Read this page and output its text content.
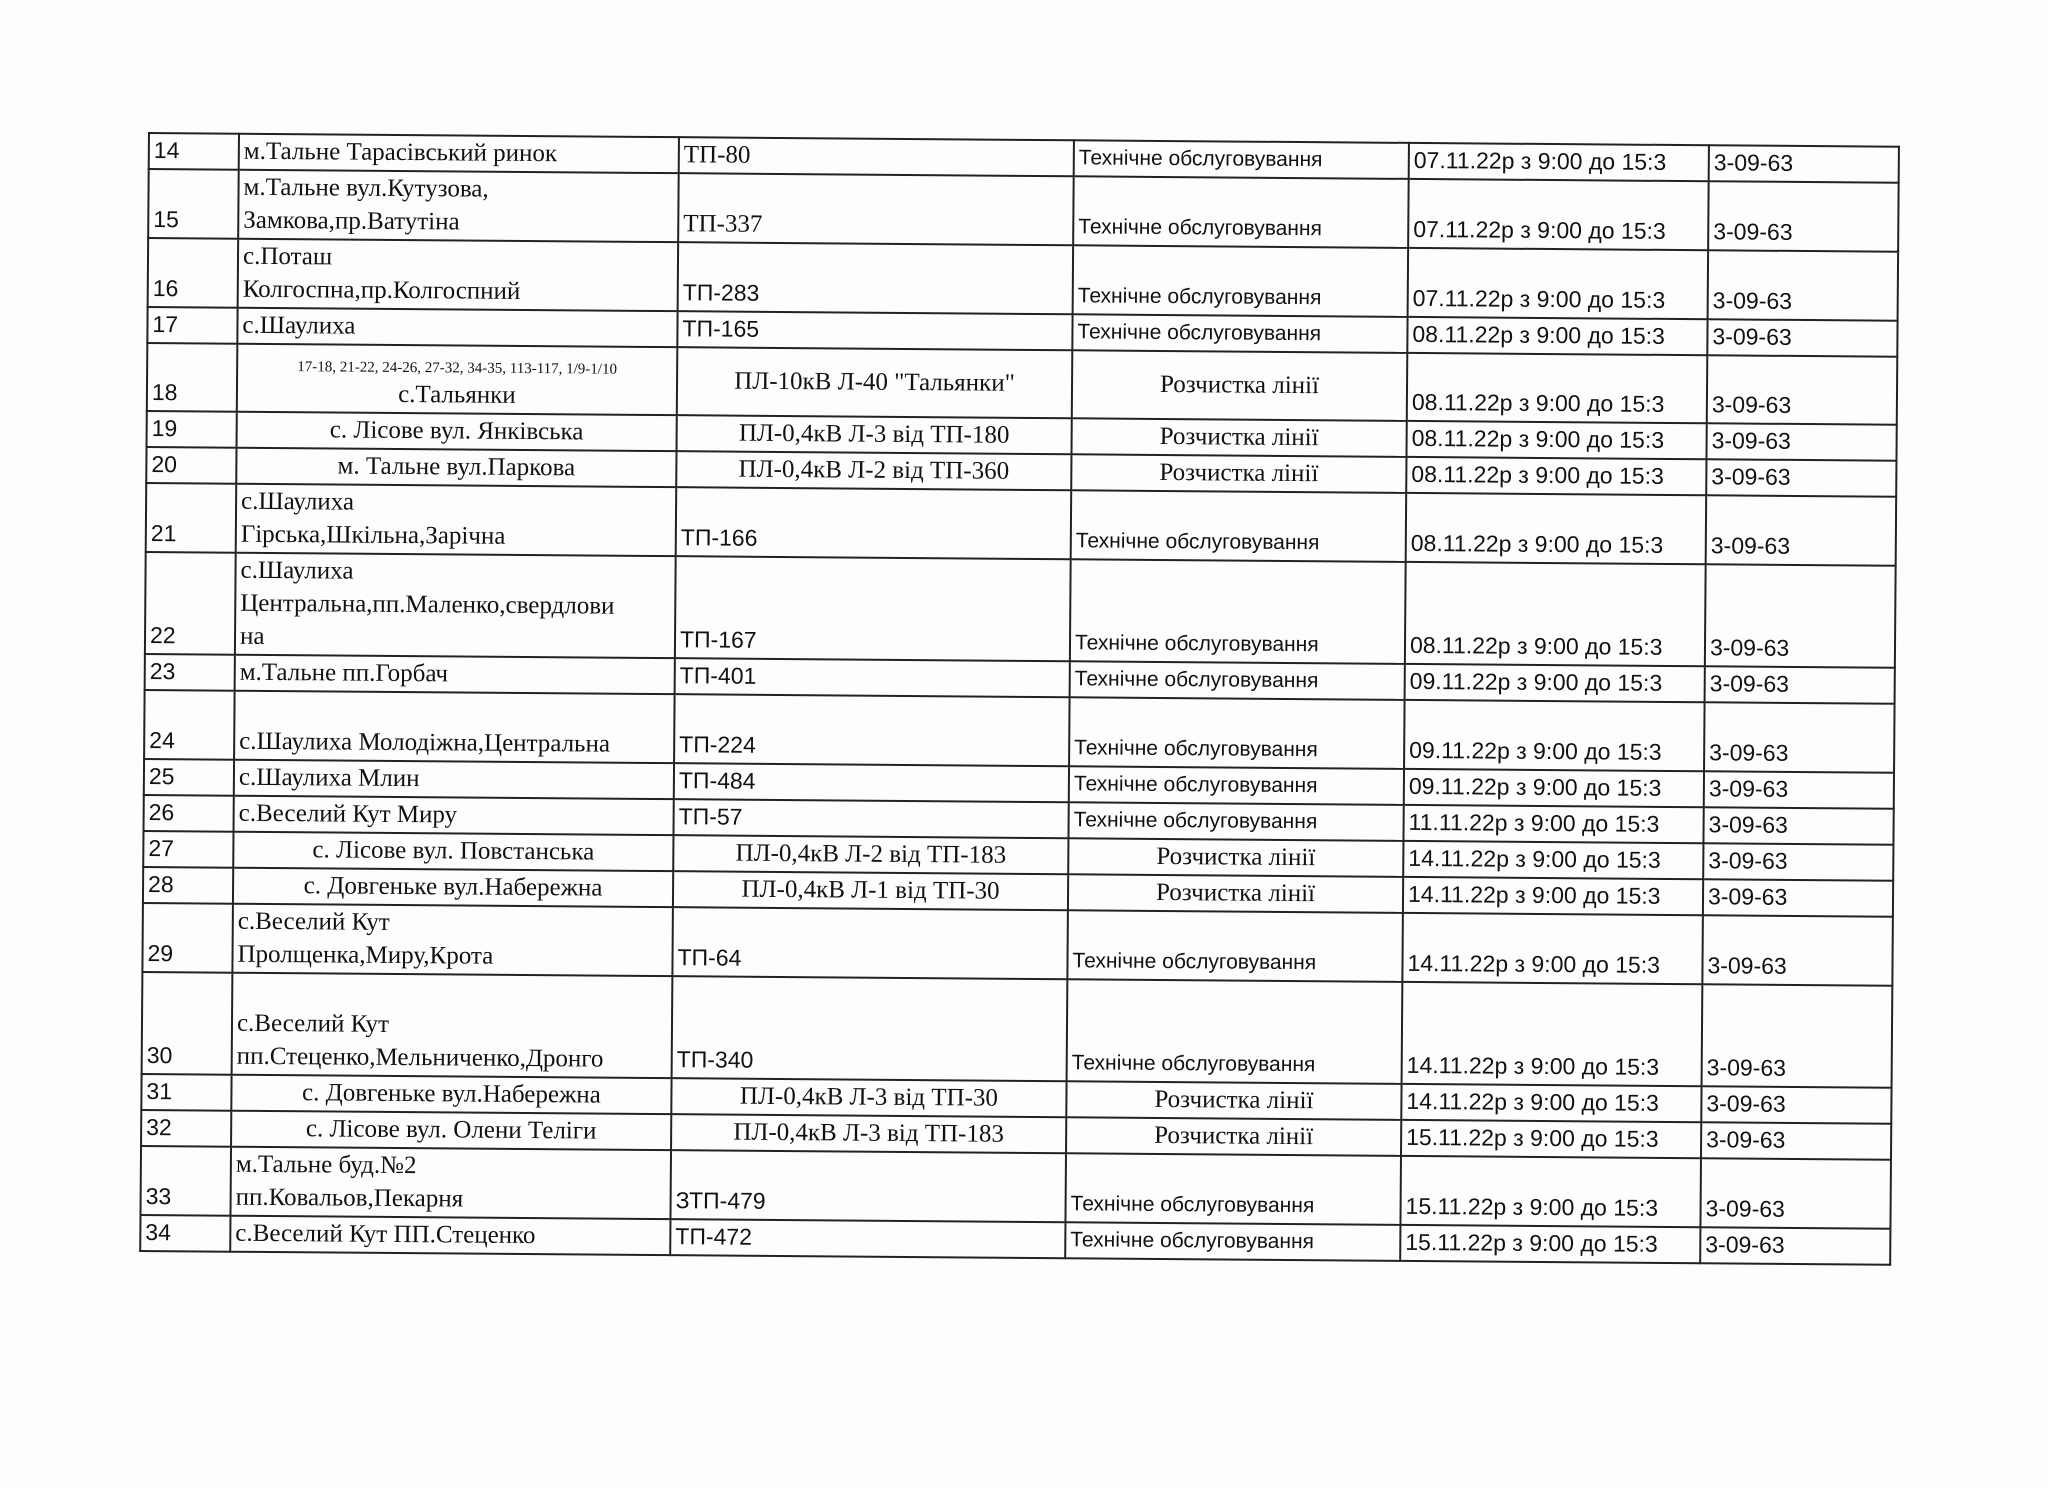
14	м.Тальне Тарасівський ринок	ТП-80	Технічне обслуговування	07.11.22р з 9:00 до 15:3	3-09-63
15	м.Тальне вул.Кутузова,
Замкова,пр.Ватутіна	ТП-337	Технічне обслуговування	07.11.22р з 9:00 до 15:3	3-09-63
16	с.Поташ
Колгоспна,пр.Колгоспний	ТП-283	Технічне обслуговування	07.11.22р з 9:00 до 15:3	3-09-63
17	с.Шаулиха	ТП-165	Технічне обслуговування	08.11.22р з 9:00 до 15:3	3-09-63
18	17-18, 21-22, 24-26, 27-32, 34-35, 113-117, 1/9-1/10
с.Тальянки	ПЛ-10кВ Л-40 "Тальянки"	Розчистка лінії	08.11.22р з 9:00 до 15:3	3-09-63
19	с. Лісове вул. Янківська	ПЛ-0,4кВ Л-3 від ТП-180	Розчистка лінії	08.11.22р з 9:00 до 15:3	3-09-63
20	м. Тальне вул.Паркова	ПЛ-0,4кВ Л-2 від ТП-360	Розчистка лінії	08.11.22р з 9:00 до 15:3	3-09-63
21	с.Шаулиха
Гірська,Шкільна,Зарічна	ТП-166	Технічне обслуговування	08.11.22р з 9:00 до 15:3	3-09-63
22	с.Шаулиха
Центральна,пп.Маленко,свердлови
на	ТП-167	Технічне обслуговування	08.11.22р з 9:00 до 15:3	3-09-63
23	м.Тальне пп.Горбач	ТП-401	Технічне обслуговування	09.11.22р з 9:00 до 15:3	3-09-63
24	с.Шаулиха Молодіжна,Центральна	ТП-224	Технічне обслуговування	09.11.22р з 9:00 до 15:3	3-09-63
25	с.Шаулиха Млин	ТП-484	Технічне обслуговування	09.11.22р з 9:00 до 15:3	3-09-63
26	с.Веселий Кут Миру	ТП-57	Технічне обслуговування	11.11.22р з 9:00 до 15:3	3-09-63
27	с. Лісове вул. Повстанська	ПЛ-0,4кВ Л-2 від ТП-183	Розчистка лінії	14.11.22р з 9:00 до 15:3	3-09-63
28	с. Довгеньке вул.Набережна	ПЛ-0,4кВ Л-1 від ТП-30	Розчистка лінії	14.11.22р з 9:00 до 15:3	3-09-63
29	с.Веселий Кут
Пролщенка,Миру,Крота	ТП-64	Технічне обслуговування	14.11.22р з 9:00 до 15:3	3-09-63
30	с.Веселий Кут
пп.Стеценко,Мельниченко,Дронго	ТП-340	Технічне обслуговування	14.11.22р з 9:00 до 15:3	3-09-63
31	с. Довгеньке вул.Набережна	ПЛ-0,4кВ Л-3 від ТП-30	Розчистка лінії	14.11.22р з 9:00 до 15:3	3-09-63
32	с. Лісове вул. Олени Теліги	ПЛ-0,4кВ Л-3 від ТП-183	Розчистка лінії	15.11.22р з 9:00 до 15:3	3-09-63
33	м.Тальне буд.№2
пп.Ковальов,Пекарня	ЗТП-479	Технічне обслуговування	15.11.22р з 9:00 до 15:3	3-09-63
34	с.Веселий Кут ПП.Стеценко	ТП-472	Технічне обслуговування	15.11.22р з 9:00 до 15:3	3-09-63
